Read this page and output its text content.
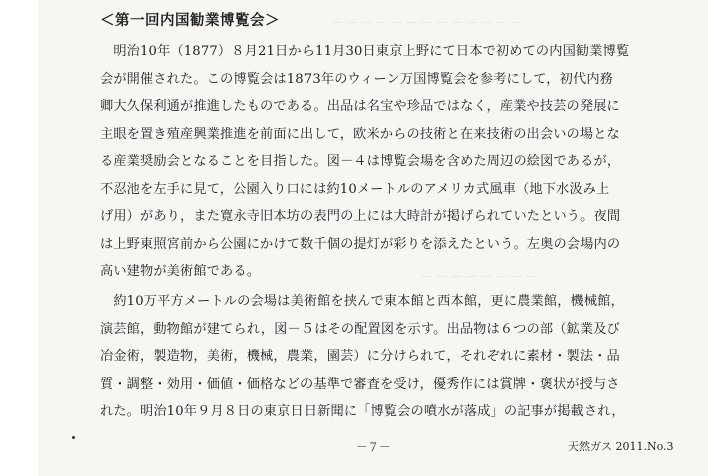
ーーーーーーーーーーーーー
ーーーーーーーー
＜第一回内国勧業博覧会＞
　明治10年（1877）８月21日から11月30日東京上野にて日本で初めての内国勧業博覧
会が開催された。この博覧会は1873年のウィーン万国博覧会を参考にして，初代内務
卿大久保利通が推進したものである。出品は名宝や珍品ではなく，産業や技芸の発展に
主眼を置き殖産興業推進を前面に出して，欧米からの技術と在来技術の出会いの場とな
る産業奨励会となることを目指した。図－４は博覧会場を含めた周辺の絵図であるが，
不忍池を左手に見て，公園入り口には約10メートルのアメリカ式風車（地下水汲み上
げ用）があり，また寛永寺旧本坊の表門の上には大時計が掲げられていたという。夜間
は上野東照宮前から公園にかけて数千個の提灯が彩りを添えたという。左奥の会場内の
高い建物が美術館である。
　約10万平方メートルの会場は美術館を挟んで東本館と西本館，更に農業館，機械館，
演芸館，動物館が建てられ，図－５はその配置図を示す。出品物は６つの部（鉱業及び
冶金術，製造物，美術，機械，農業，園芸）に分けられて，それぞれに素材・製法・品
質・調整・効用・価値・価格などの基準で審査を受け，優秀作には賞牌・褒状が授与さ
れた。明治10年９月８日の東京日日新聞に「博覧会の噴水が落成」の記事が掲載され，
－７－	天然ガス 2011.No.3
